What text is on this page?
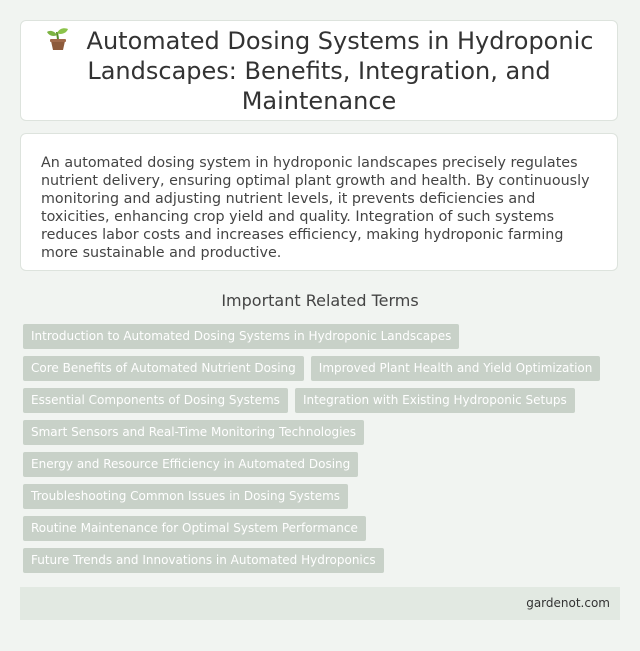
Automated Dosing Systems in Hydroponic Landscapes: Benefits, Integration, and Maintenance

An automated dosing system in hydroponic landscapes precisely regulates nutrient delivery, ensuring optimal plant growth and health. By continuously monitoring and adjusting nutrient levels, it prevents deficiencies and toxicities, enhancing crop yield and quality. Integration of such systems reduces labor costs and increases efficiency, making hydroponic farming more sustainable and productive.

Important Related Terms
Introduction to Automated Dosing Systems in Hydroponic Landscapes
Core Benefits of Automated Nutrient Dosing	Improved Plant Health and Yield Optimization
Essential Components of Dosing Systems	Integration with Existing Hydroponic Setups
Smart Sensors and Real-Time Monitoring Technologies
Energy and Resource Efficiency in Automated Dosing
Troubleshooting Common Issues in Dosing Systems
Routine Maintenance for Optimal System Performance
Future Trends and Innovations in Automated Hydroponics
gardenot.com
